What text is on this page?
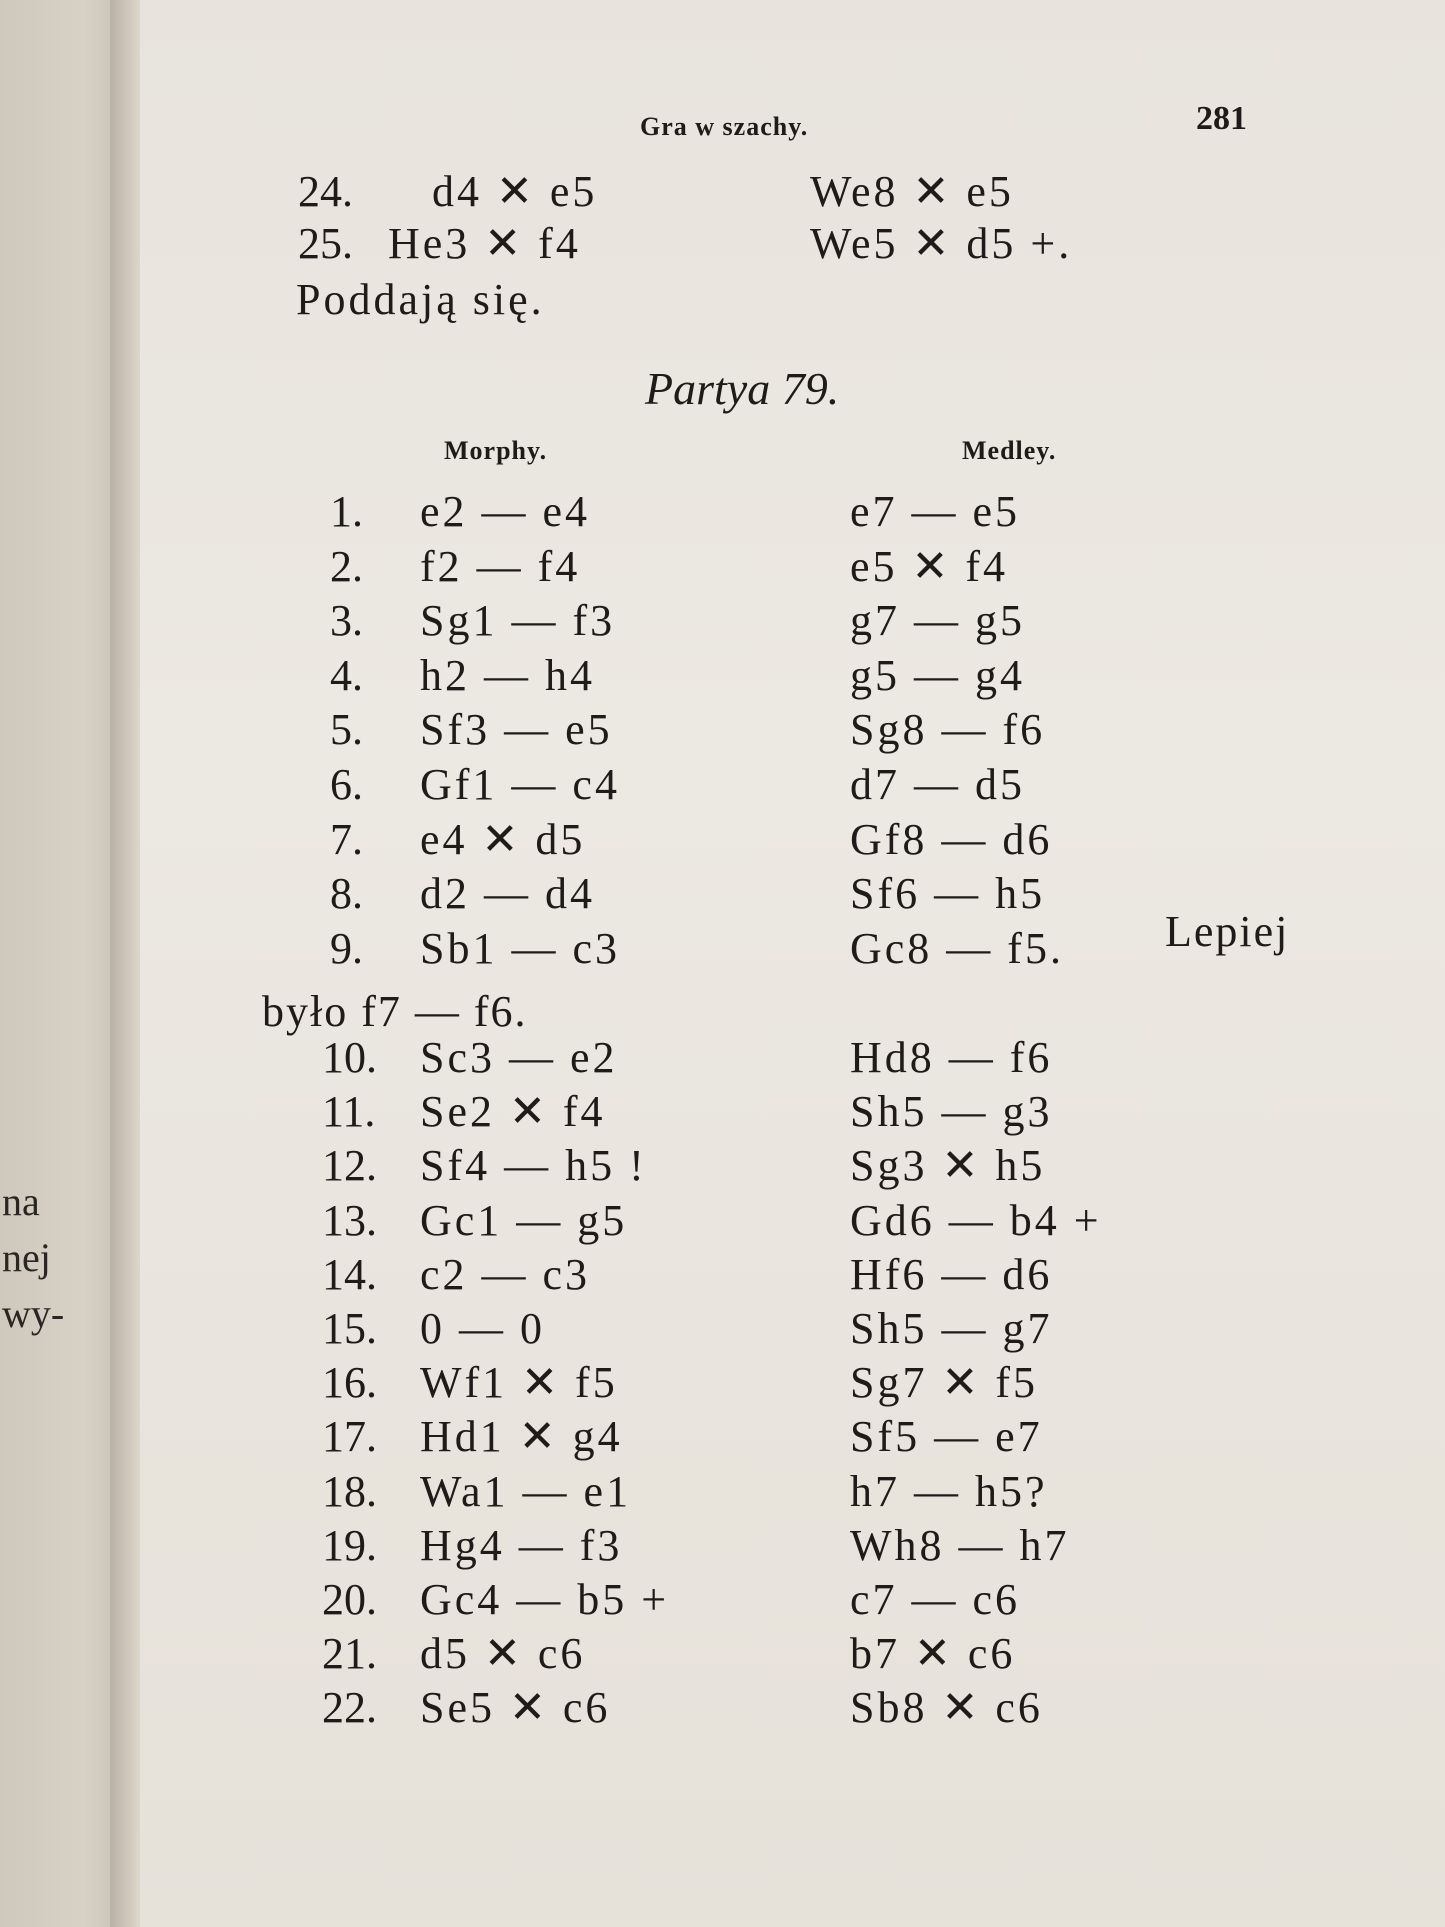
na
nej
wy-
Gra w szachy.	281
24. d4 ✕ e5	We8 ✕ e5
25. He3 ✕ f4	We5 ✕ d5 +.
Poddają się.
Partya 79.
Morphy.	Medley.
1. e2 — e4	e7 — e5
2. f2 — f4	e5 ✕ f4
3. Sg1 — f3	g7 — g5
4. h2 — h4	g5 — g4
5. Sf3 — e5	Sg8 — f6
6. Gf1 — c4	d7 — d5
7. e4 ✕ d5	Gf8 — d6
8. d2 — d4	Sf6 — h5
9. Sb1 — c3	Gc8 — f5.
10. Sc3 — e2	Hd8 — f6
11. Se2 ✕ f4	Sh5 — g3
12. Sf4 — h5 !	Sg3 ✕ h5
13. Gc1 — g5	Gd6 — b4 +
14. c2 — c3	Hf6 — d6
15. 0 — 0	Sh5 — g7
16. Wf1 ✕ f5	Sg7 ✕ f5
17. Hd1 ✕ g4	Sf5 — e7
18. Wa1 — e1	h7 — h5?
19. Hg4 — f3	Wh8 — h7
20. Gc4 — b5 +	c7 — c6
21. d5 ✕ c6	b7 ✕ c6
22. Se5 ✕ c6	Sb8 ✕ c6
Lepiej
było f7 — f6.
